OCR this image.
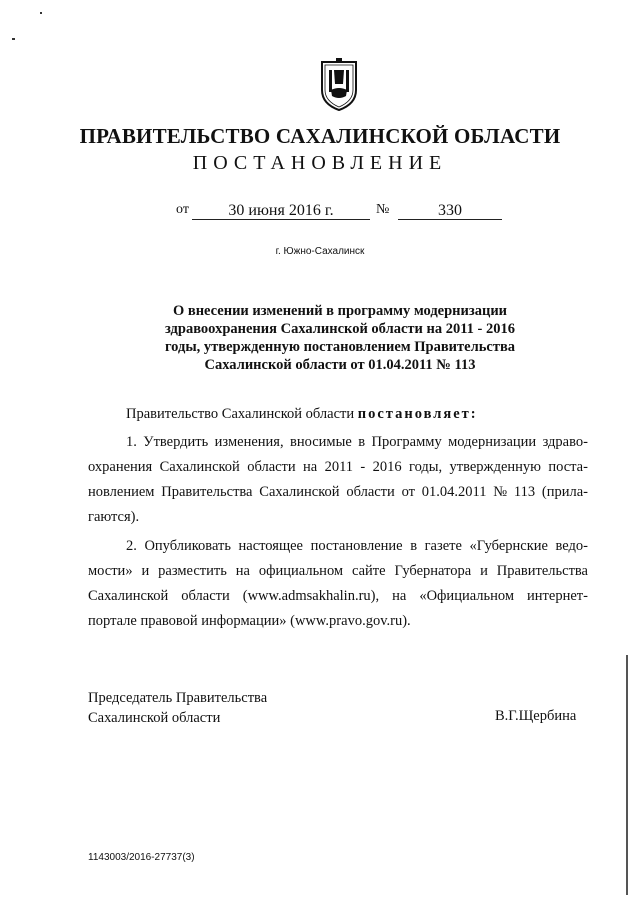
ПРАВИТЕЛЬСТВО САХАЛИНСКОЙ ОБЛАСТИ
ПОСТАНОВЛЕНИЕ
от	30 июня 2016 г.	№	330
г. Южно-Сахалинск
О внесении изменений в программу модернизации
здравоохранения Сахалинской области на 2011 - 2016
годы, утвержденную постановлением Правительства
Сахалинской области от 01.04.2011 № 113
Правительство Сахалинской области постановляет:
1. Утвердить изменения, вносимые в Программу модернизации здраво-
охранения Сахалинской области на 2011 - 2016 годы, утвержденную поста-
новлением Правительства Сахалинской области от 01.04.2011 № 113 (прила-
гаются).
2. Опубликовать настоящее постановление в газете «Губернские ведо-
мости» и разместить на официальном сайте Губернатора и Правительства
Сахалинской области (www.admsakhalin.ru), на «Официальном интернет-
портале правовой информации» (www.pravo.gov.ru).
Председатель Правительства
Сахалинской области	В.Г.Щербина
1143003/2016-27737(3)
